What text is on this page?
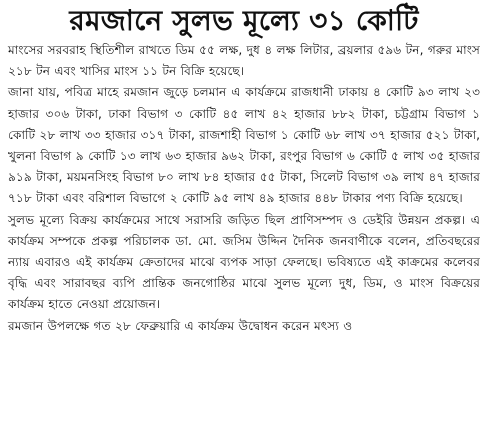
রমজানে সুলভ মূল্যে ৩১ কোটি

মাংসের সরবরাহ স্থিতিশীল রাখতে ডিম ৫৫ লক্ষ, দুধ ৪ লক্ষ লিটার, ব্রয়লার ৫৯৬ টন, গরুর মাংস ২১৮ টন এবং খাসির মাংস ১১ টন বিক্রি হয়েছে।

জানা যায়, পবিত্র মাহে রমজান জুড়ে চলমান এ কার্যক্রমে রাজধানী ঢাকায় ৪ কোটি ৯৩ লাখ ২৩ হাজার ৩০৬ টাকা, ঢাকা বিভাগ ৩ কোটি ৪৫ লাখ ৪২ হাজার ৮৮২ টাকা, চট্টগ্রাম বিভাগ ১ কোটি ২৮ লাখ ৩৩ হাজার ৩১৭ টাকা, রাজশাহী বিভাগ ১ কোটি ৬৮ লাখ ৩৭ হাজার ৫২১ টাকা, খুলনা বিভাগ ৯ কোটি ১৩ লাখ ৬৩ হাজার ৯৬২ টাকা, রংপুর বিভাগ ৬ কোটি ৫ লাখ ৩৫ হাজার ৯১৯ টাকা, ময়মনসিংহ বিভাগ ৮০ লাখ ৮৪ হাজার ৫৫ টাকা, সিলেট বিভাগ ৩৯ লাখ ৪৭ হাজার ৭১৮ টাকা এবং বরিশাল বিভাগে ২ কোটি ৯৫ লাখ ৪৯ হাজার ৪৪৮ টাকার পণ্য বিক্রি হয়েছে।

সুলভ মূল্যে বিক্রয় কার্যক্রমের সাথে সরাসরি জড়িত ছিল প্রাণিসম্পদ ও ডেইরি উন্নয়ন প্রকল্প। এ কার্যক্রম সম্পকে প্রকল্প পরিচালক ডা. মো. জসিম উদ্দিন দৈনিক জনবাণীকে বলেন, প্রতিবছরের ন্যায় এবারও এই কার্যক্রম ক্রেতাদের মাঝে ব্যপক সাড়া ফেলছে। ভবিষ্যতে এই কাক্রমের কলেবর বৃদ্ধি এবং সারাবছর ব্যপি প্রান্তিক জনগোষ্ঠির মাঝে সুলভ মূল্যে দুধ, ডিম, ও মাংস বিক্রয়ের কার্যক্রম হাতে নেওয়া প্রয়োজন।

রমজান উপলক্ষে গত ২৮ ফেব্রুয়ারি এ কার্যক্রম উদ্বোধন করেন মৎস্য ও
